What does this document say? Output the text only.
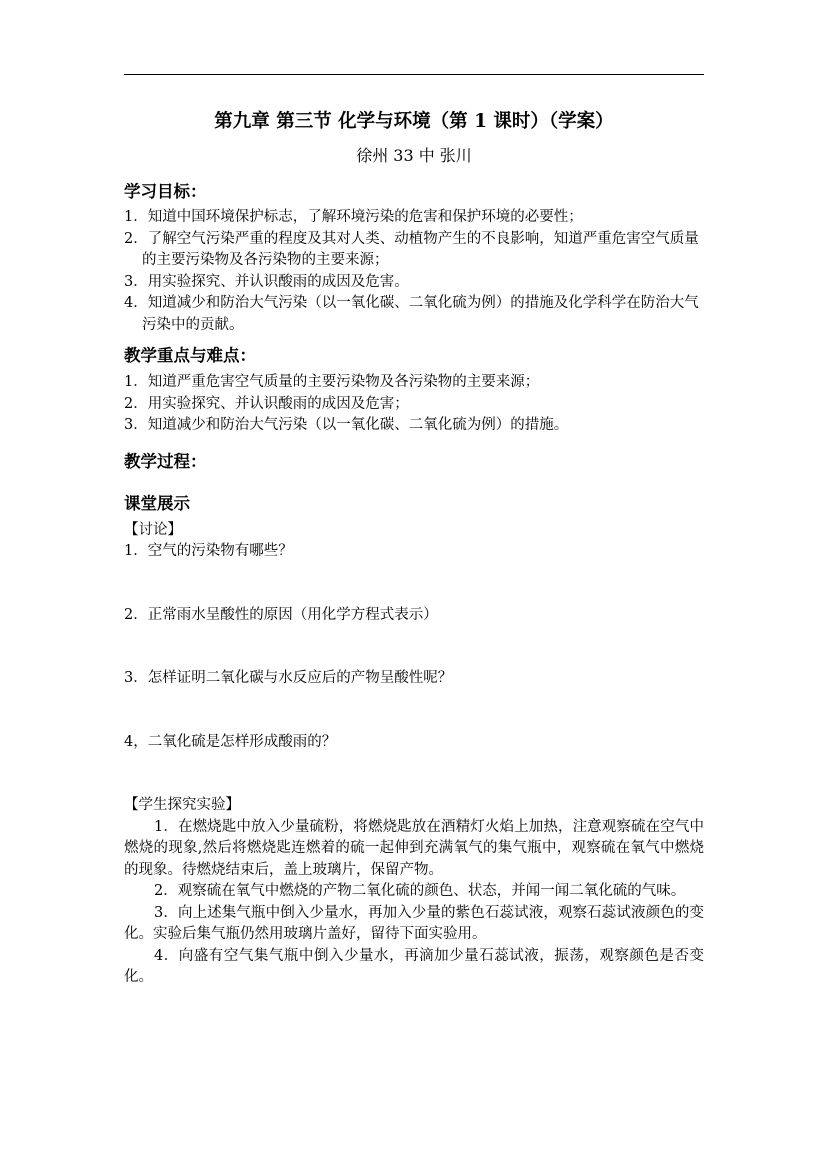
第九章 第三节 化学与环境（第 1 课时）（学案）

徐州 33 中 张川

学习目标：

1．知道中国环境保护标志，了解环境污染的危害和保护环境的必要性；

2．了解空气污染严重的程度及其对人类、动植物产生的不良影响，知道严重危害空气质量的主要污染物及各污染物的主要来源；

3．用实验探究、并认识酸雨的成因及危害。

4．知道减少和防治大气污染（以一氧化碳、二氧化硫为例）的措施及化学科学在防治大气污染中的贡献。

教学重点与难点：

1．知道严重危害空气质量的主要污染物及各污染物的主要来源；

2．用实验探究、并认识酸雨的成因及危害；

3．知道减少和防治大气污染（以一氧化碳、二氧化硫为例）的措施。

教学过程：

课堂展示

【讨论】

1．空气的污染物有哪些？

2．正常雨水呈酸性的原因（用化学方程式表示）

3．怎样证明二氧化碳与水反应后的产物呈酸性呢？

4，二氧化硫是怎样形成酸雨的？

【学生探究实验】

1．在燃烧匙中放入少量硫粉，将燃烧匙放在酒精灯火焰上加热，注意观察硫在空气中燃烧的现象,然后将燃烧匙连燃着的硫一起伸到充满氧气的集气瓶中，观察硫在氧气中燃烧的现象。待燃烧结束后，盖上玻璃片，保留产物。

2．观察硫在氧气中燃烧的产物二氧化硫的颜色、状态，并闻一闻二氧化硫的气味。

3．向上述集气瓶中倒入少量水，再加入少量的紫色石蕊试液，观察石蕊试液颜色的变化。实验后集气瓶仍然用玻璃片盖好，留待下面实验用。

4．向盛有空气集气瓶中倒入少量水，再滴加少量石蕊试液，振荡，观察颜色是否变化。
